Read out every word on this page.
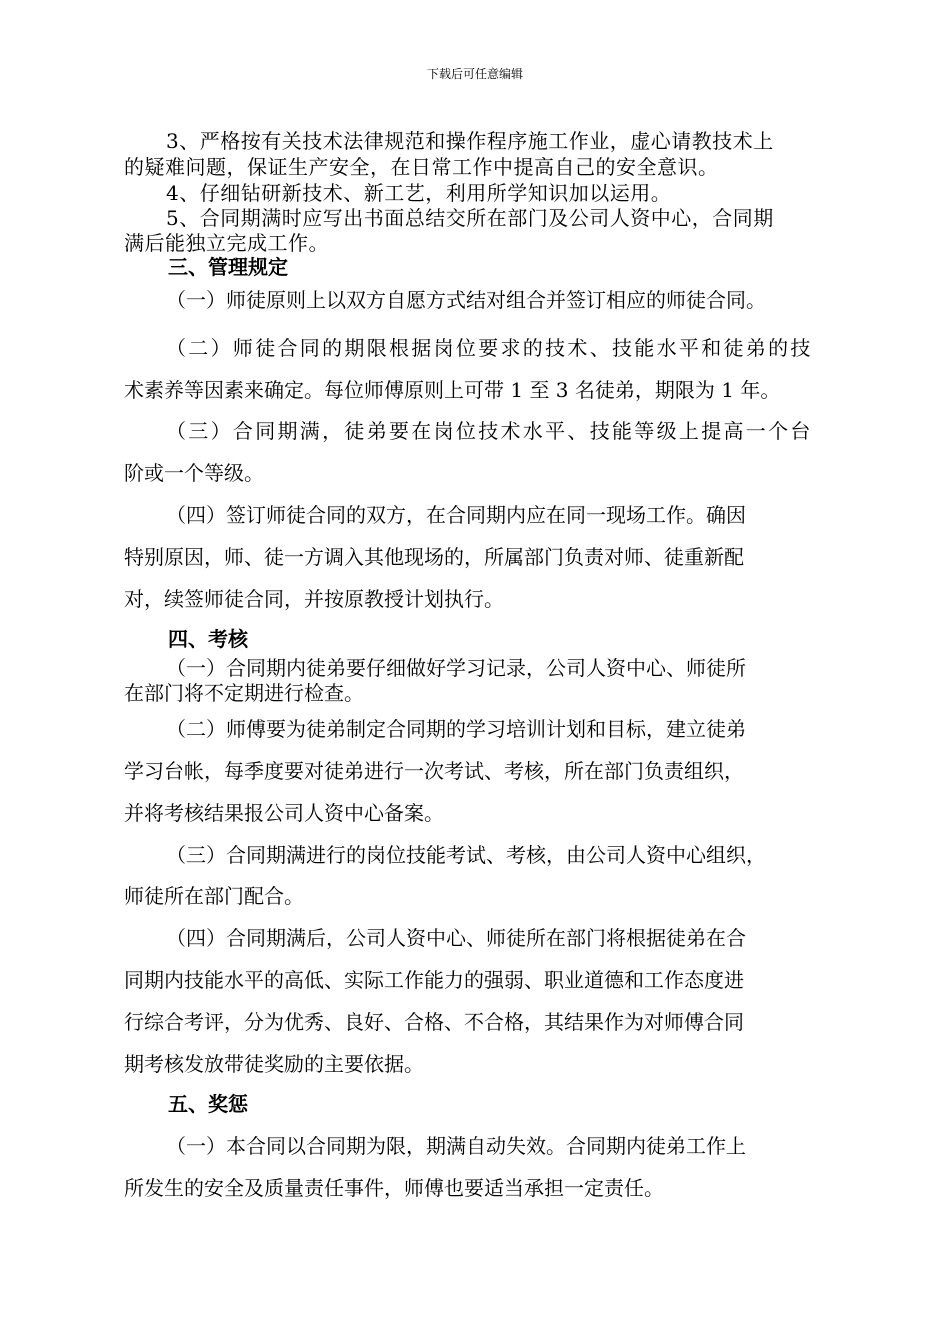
下载后可任意编辑
3、严格按有关技术法律规范和操作程序施工作业，虚心请教技术上
的疑难问题，保证生产安全，在日常工作中提高自己的安全意识。
4、仔细钻研新技术、新工艺，利用所学知识加以运用。
5、合同期满时应写出书面总结交所在部门及公司人资中心，合同期
满后能独立完成工作。
三、管理规定
（一）师徒原则上以双方自愿方式结对组合并签订相应的师徒合同。
（二）师徒合同的期限根据岗位要求的技术、技能水平和徒弟的技
术素养等因素来确定。每位师傅原则上可带 1 至 3 名徒弟，期限为 1 年。
（三）合同期满，徒弟要在岗位技术水平、技能等级上提高一个台
阶或一个等级。
（四）签订师徒合同的双方，在合同期内应在同一现场工作。确因
特别原因，师、徒一方调入其他现场的，所属部门负责对师、徒重新配
对，续签师徒合同，并按原教授计划执行。
四、考核
（一）合同期内徒弟要仔细做好学习记录，公司人资中心、师徒所
在部门将不定期进行检查。
（二）师傅要为徒弟制定合同期的学习培训计划和目标，建立徒弟
学习台帐，每季度要对徒弟进行一次考试、考核，所在部门负责组织，
并将考核结果报公司人资中心备案。
（三）合同期满进行的岗位技能考试、考核，由公司人资中心组织，
师徒所在部门配合。
（四）合同期满后，公司人资中心、师徒所在部门将根据徒弟在合
同期内技能水平的高低、实际工作能力的强弱、职业道德和工作态度进
行综合考评，分为优秀、良好、合格、不合格，其结果作为对师傅合同
期考核发放带徒奖励的主要依据。
五、奖惩
（一）本合同以合同期为限，期满自动失效。合同期内徒弟工作上
所发生的安全及质量责任事件，师傅也要适当承担一定责任。
